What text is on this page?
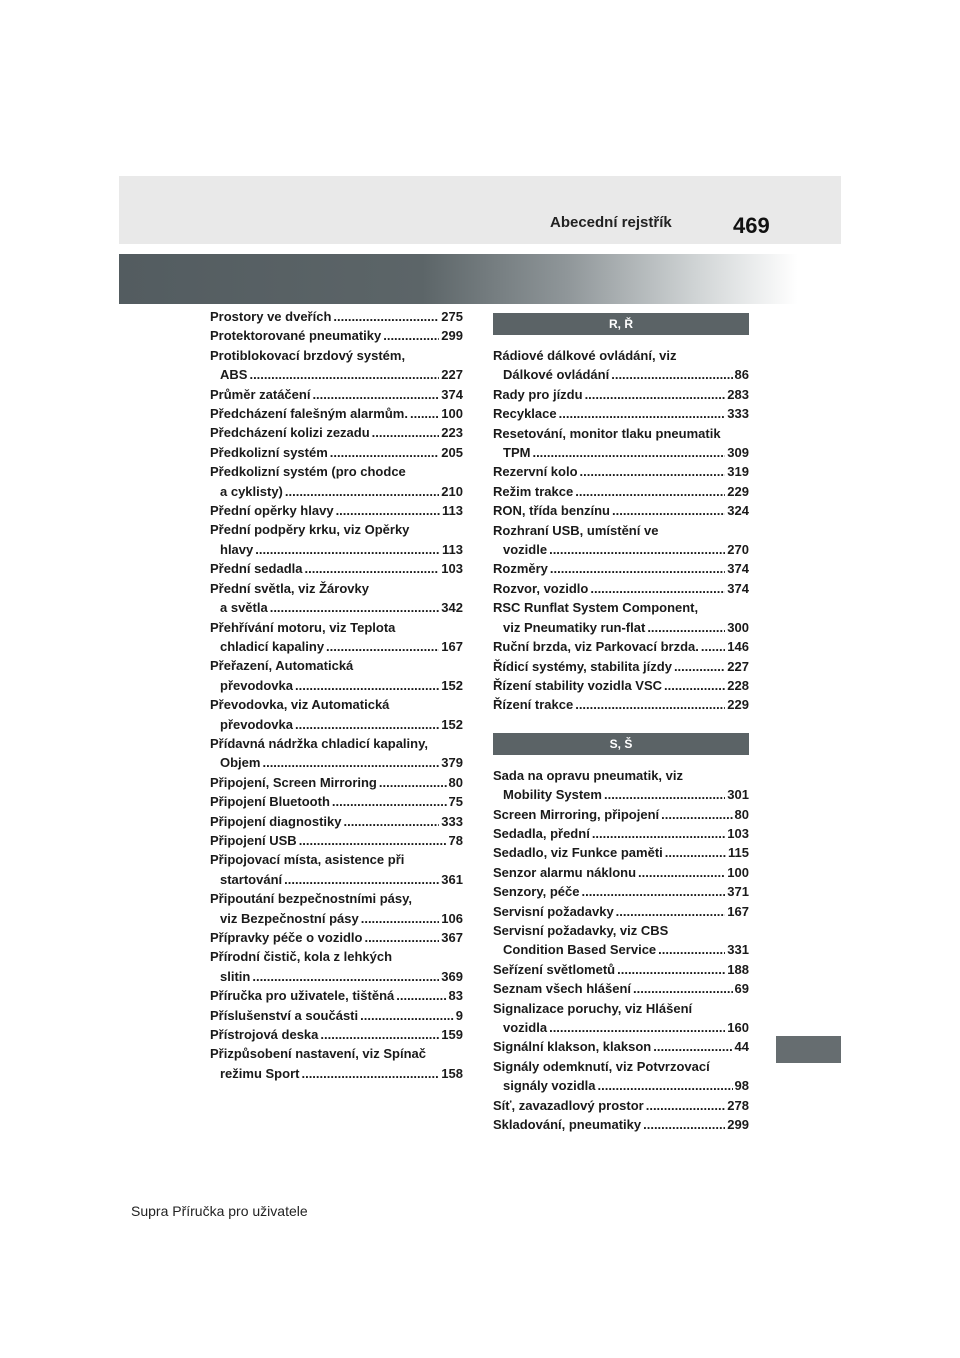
Abecední rejstřík	469
Prostory ve dveřích .....	275
Protektorované pneumatiky .....	299
Protiblokovací brzdový systém,
ABS .....	227
Průměr zatáčení .....	374
Předcházení falešným alarmům. .....	100
Předcházení kolizi zezadu .....	223
Předkolizní systém .....	205
Předkolizní systém (pro chodce
a cyklisty) .....	210
Přední opěrky hlavy .....	113
Přední podpěry krku, viz Opěrky
hlavy .....	113
Přední sedadla .....	103
Přední světla, viz Žárovky
a světla .....	342
Přehřívání motoru, viz Teplota
chladicí kapaliny .....	167
Přeřazení, Automatická
převodovka .....	152
Převodovka, viz Automatická
převodovka .....	152
Přídavná nádržka chladicí kapaliny,
Objem .....	379
Připojení, Screen Mirroring .....	80
Připojení Bluetooth .....	75
Připojení diagnostiky .....	333
Připojení USB .....	78
Připojovací místa, asistence při
startování .....	361
Připoutání bezpečnostními pásy,
viz Bezpečnostní pásy .....	106
Přípravky péče o vozidlo .....	367
Přírodní čistič, kola z lehkých
slitin .....	369
Příručka pro uživatele, tištěná .....	83
Příslušenství a součásti .....	9
Přístrojová deska .....	159
Přizpůsobení nastavení, viz Spínač
režimu Sport .....	158
R, Ř
Rádiové dálkové ovládání, viz
Dálkové ovládání .....	86
Rady pro jízdu .....	283
Recyklace .....	333
Resetování, monitor tlaku pneumatik
TPM .....	309
Rezervní kolo .....	319
Režim trakce .....	229
RON, třída benzínu .....	324
Rozhraní USB, umístění ve
vozidle .....	270
Rozměry .....	374
Rozvor, vozidlo .....	374
RSC Runflat System Component,
viz Pneumatiky run-flat .....	300
Ruční brzda, viz Parkovací brzda. ..... 146
Řídicí systémy, stabilita jízdy .....	227
Řízení stability vozidla VSC .....	228
Řízení trakce .....	229
S, Š
Sada na opravu pneumatik, viz
Mobility System .....	301
Screen Mirroring, připojení .....	80
Sedadla, přední .....	103
Sedadlo, viz Funkce paměti .....	115
Senzor alarmu náklonu .....	100
Senzory, péče .....	371
Servisní požadavky .....	167
Servisní požadavky, viz CBS
Condition Based Service .....	331
Seřízení světlometů .....	188
Seznam všech hlášení .....	69
Signalizace poruchy, viz Hlášení
vozidla .....	160
Signální klakson, klakson .....	44
Signály odemknutí, viz Potvrzovací
signály vozidla .....	98
Síť, zavazadlový prostor .....	278
Skladování, pneumatiky .....	299
Supra Příručka pro uživatele
